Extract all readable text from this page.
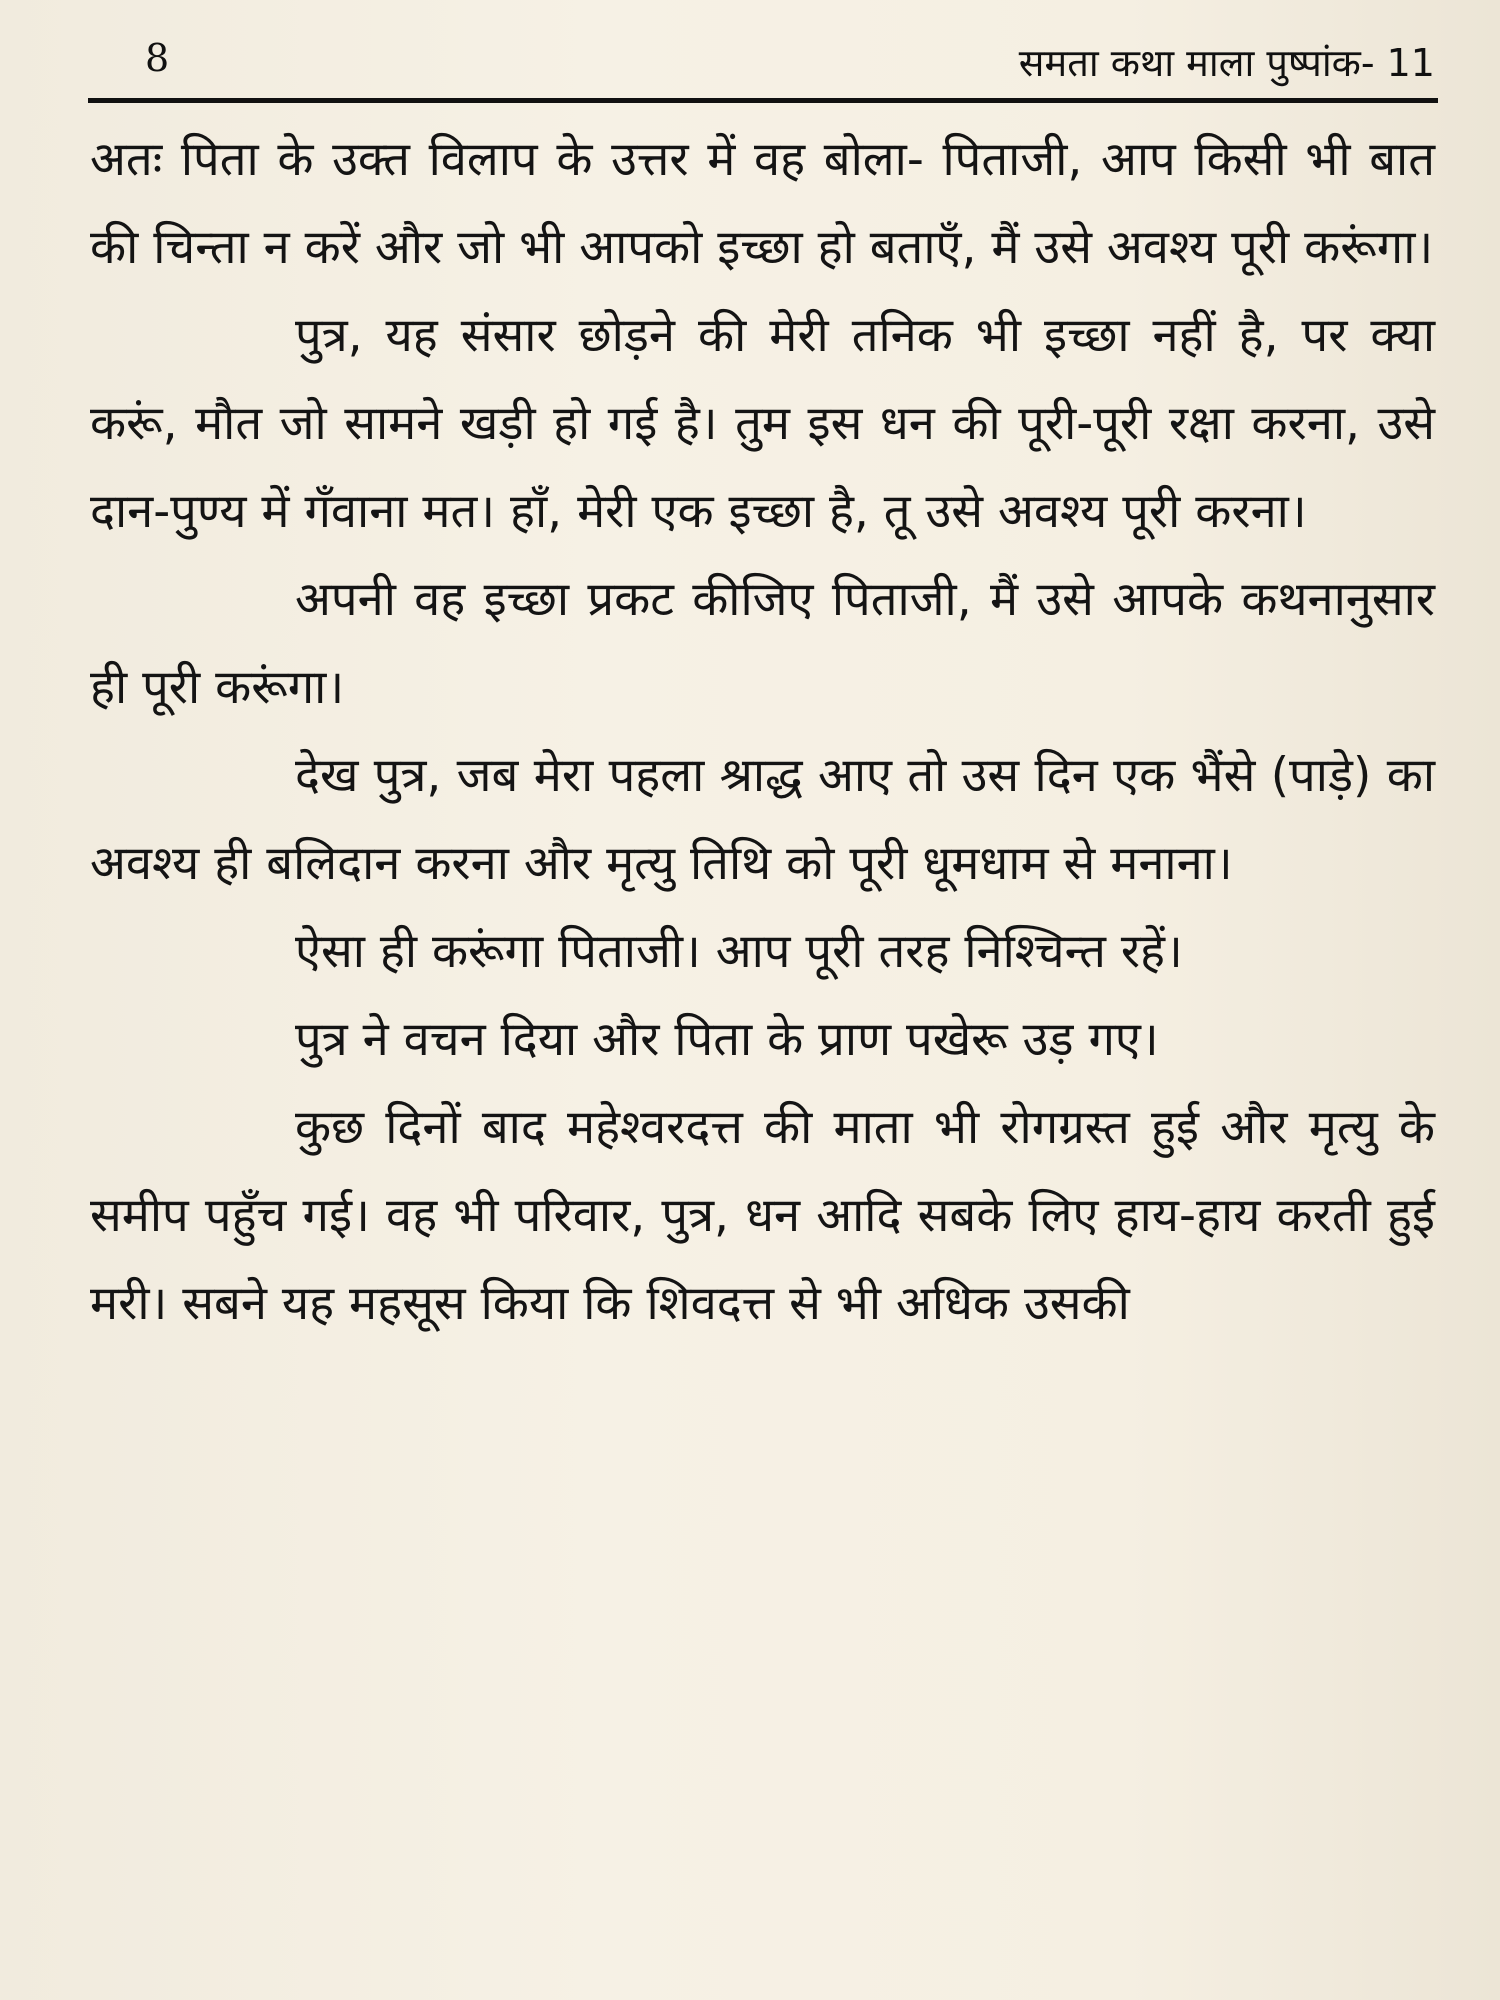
8	समता कथा माला पुष्पांक- 11

अतः पिता के उक्त विलाप के उत्तर में वह बोला- पिताजी, आप किसी भी बात की चिन्ता न करें और जो भी आपको इच्छा हो बताएँ, मैं उसे अवश्य पूरी करूंगा।

पुत्र, यह संसार छोड़ने की मेरी तनिक भी इच्छा नहीं है, पर क्या करूं, मौत जो सामने खड़ी हो गई है। तुम इस धन की पूरी-पूरी रक्षा करना, उसे दान-पुण्य में गँवाना मत। हाँ, मेरी एक इच्छा है, तू उसे अवश्य पूरी करना।

अपनी वह इच्छा प्रकट कीजिए पिताजी, मैं उसे आपके कथनानुसार ही पूरी करूंगा।

देख पुत्र, जब मेरा पहला श्राद्ध आए तो उस दिन एक भैंसे (पाड़े) का अवश्य ही बलिदान करना और मृत्यु तिथि को पूरी धूमधाम से मनाना।

ऐसा ही करूंगा पिताजी। आप पूरी तरह निश्चिन्त रहें।

पुत्र ने वचन दिया और पिता के प्राण पखेरू उड़ गए।

कुछ दिनों बाद महेश्वरदत्त की माता भी रोगग्रस्त हुई और मृत्यु के समीप पहुँच गई। वह भी परिवार, पुत्र, धन आदि सबके लिए हाय-हाय करती हुई मरी। सबने यह महसूस किया कि शिवदत्त से भी अधिक उसकी
